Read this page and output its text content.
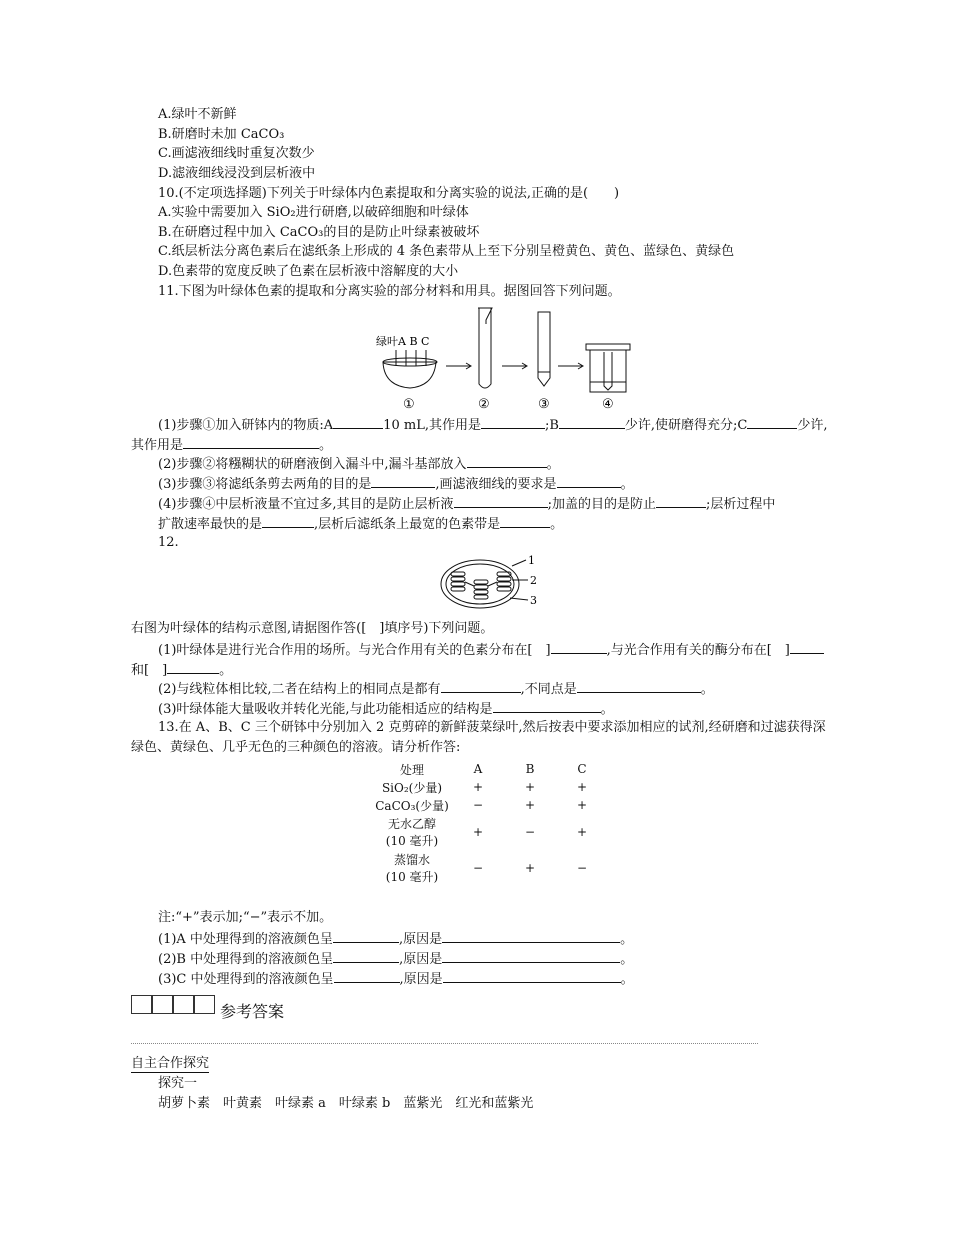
A.绿叶不新鲜
B.研磨时未加 CaCO₃
C.画滤液细线时重复次数少
D.滤液细线浸没到层析液中
10.(不定项选择题)下列关于叶绿体内色素提取和分离实验的说法,正确的是(　　)
A.实验中需要加入 SiO₂进行研磨,以破碎细胞和叶绿体
B.在研磨过程中加入 CaCO₃的目的是防止叶绿素被破坏
C.纸层析法分离色素后在滤纸条上形成的 4 条色素带从上至下分别呈橙黄色、黄色、蓝绿色、黄绿色
D.色素带的宽度反映了色素在层析液中溶解度的大小
11.下图为叶绿体色素的提取和分离实验的部分材料和用具。据图回答下列问题。
绿叶A B C
①	②	③	④
(1)步骤①加入研钵内的物质:A	10 mL,其作用是	;B	少许,使研磨得充分;C	少许,
其作用是	。
(2)步骤②将糨糊状的研磨液倒入漏斗中,漏斗基部放入	。
(3)步骤③将滤纸条剪去两角的目的是	,画滤液细线的要求是	。
(4)步骤④中层析液量不宜过多,其目的是防止层析液	;加盖的目的是防止	;层析过程中
扩散速率最快的是	,层析后滤纸条上最宽的色素带是	。
12.
1
2
3
右图为叶绿体的结构示意图,请据图作答([　]填序号)下列问题。
(1)叶绿体是进行光合作用的场所。与光合作用有关的色素分布在[　]	,与光合作用有关的酶分布在[　]
和[　]	。
(2)与线粒体相比较,二者在结构上的相同点是都有	,不同点是	。
(3)叶绿体能大量吸收并转化光能,与此功能相适应的结构是	。
13.在 A、B、C 三个研钵中分别加入 2 克剪碎的新鲜菠菜绿叶,然后按表中要求添加相应的试剂,经研磨和过滤获得深
绿色、黄绿色、几乎无色的三种颜色的溶液。请分析作答:
处理	A	B	C
SiO₂(少量)	+	+	+
CaCO₃(少量)	−	+	+

无水乙醇
(10 毫升)	+	−	+

蒸馏水
(10 毫升)	−	+	−
注:“+”表示加;“−”表示不加。
(1)A 中处理得到的溶液颜色呈	,原因是	。
(2)B 中处理得到的溶液颜色呈	,原因是	。
(3)C 中处理得到的溶液颜色呈	,原因是	。
参考答案
自主合作探究
探究一
胡萝卜素　叶黄素　叶绿素 a　叶绿素 b　蓝紫光　红光和蓝紫光
